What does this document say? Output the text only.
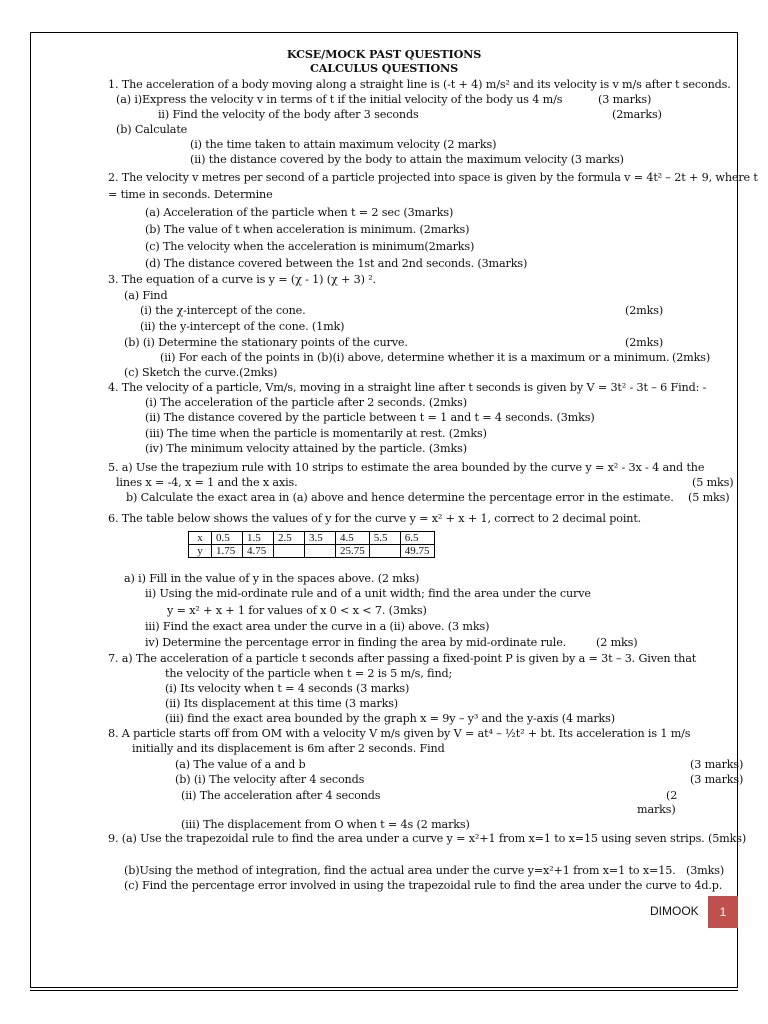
KCSE/MOCK PAST QUESTIONS
CALCULUS QUESTIONS
1. The acceleration of a body moving along a straight line is (-t + 4) m/s² and its velocity is v m/s after t seconds.
(a) i)Express the velocity v in terms of t if the initial velocity of the body us 4 m/s	(3 marks)
ii) Find the velocity of the body after 3 seconds	(2marks)
(b) Calculate
(i) the time taken to attain maximum velocity (2 marks)
(ii) the distance covered by the body to attain the maximum velocity (3 marks)
2. The velocity v metres per second of a particle projected into space is given by the formula v = 4t² – 2t + 9, where t
= time in seconds. Determine
(a) Acceleration of the particle when t = 2 sec (3marks)
(b) The value of t when acceleration is minimum. (2marks)
(c) The velocity when the acceleration is minimum(2marks)
(d) The distance covered between the 1st and 2nd seconds. (3marks)
3. The equation of a curve is y = (χ - 1) (χ + 3) ².
(a) Find
(i) the χ-intercept of the cone.	(2mks)
(ii) the y-intercept of the cone. (1mk)
(b) (i) Determine the stationary points of the curve.	(2mks)
(ii) For each of the points in (b)(i) above, determine whether it is a maximum or a minimum. (2mks)
(c) Sketch the curve.(2mks)
4. The velocity of a particle, Vm/s, moving in a straight line after t seconds is given by V = 3t² - 3t – 6 Find: -
(i) The acceleration of the particle after 2 seconds. (2mks)
(ii) The distance covered by the particle between t = 1 and t = 4 seconds. (3mks)
(iii) The time when the particle is momentarily at rest. (2mks)
(iv) The minimum velocity attained by the particle. (3mks)
5. a) Use the trapezium rule with 10 strips to estimate the area bounded by the curve y = x² - 3x - 4 and the
lines x = -4, x = 1 and the x axis.	(5 mks)
b) Calculate the exact area in (a) above and hence determine the percentage error in the estimate. (5 mks)
6. The table below shows the values of y for the curve y = x² + x + 1, correct to 2 decimal point.
x	0.5	1.5	2.5	3.5	4.5	5.5	6.5
y	1.75	4.75			25.75		49.75
a) i) Fill in the value of y in the spaces above. (2 mks)
ii) Using the mid-ordinate rule and of a unit width; find the area under the curve
y = x² + x + 1 for values of x 0 < x < 7. (3mks)
iii) Find the exact area under the curve in a (ii) above. (3 mks)
iv) Determine the percentage error in finding the area by mid-ordinate rule.	(2 mks)
7. a) The acceleration of a particle t seconds after passing a fixed-point P is given by a = 3t – 3. Given that
the velocity of the particle when t = 2 is 5 m/s, find;
(i) Its velocity when t = 4 seconds (3 marks)
(ii) Its displacement at this time (3 marks)
(iii) find the exact area bounded by the graph x = 9y – y³ and the y-axis (4 marks)
8. A particle starts off from OM with a velocity V m/s given by V = at⁴ – ½t² + bt. Its acceleration is 1 m/s
initially and its displacement is 6m after 2 seconds. Find
(a) The value of a and b	(3 marks)
(b) (i) The velocity after 4 seconds	(3 marks)
(ii) The acceleration after 4 seconds	(2
marks)
(iii) The displacement from O when t = 4s (2 marks)
9. (a) Use the trapezoidal rule to find the area under a curve y = x²+1 from x=1 to x=15 using seven strips. (5mks)
(b)Using the method of integration, find the actual area under the curve y=x²+1 from x=1 to x=15. (3mks)
(c) Find the percentage error involved in using the trapezoidal rule to find the area under the curve to 4d.p.
DIMOOK	1
